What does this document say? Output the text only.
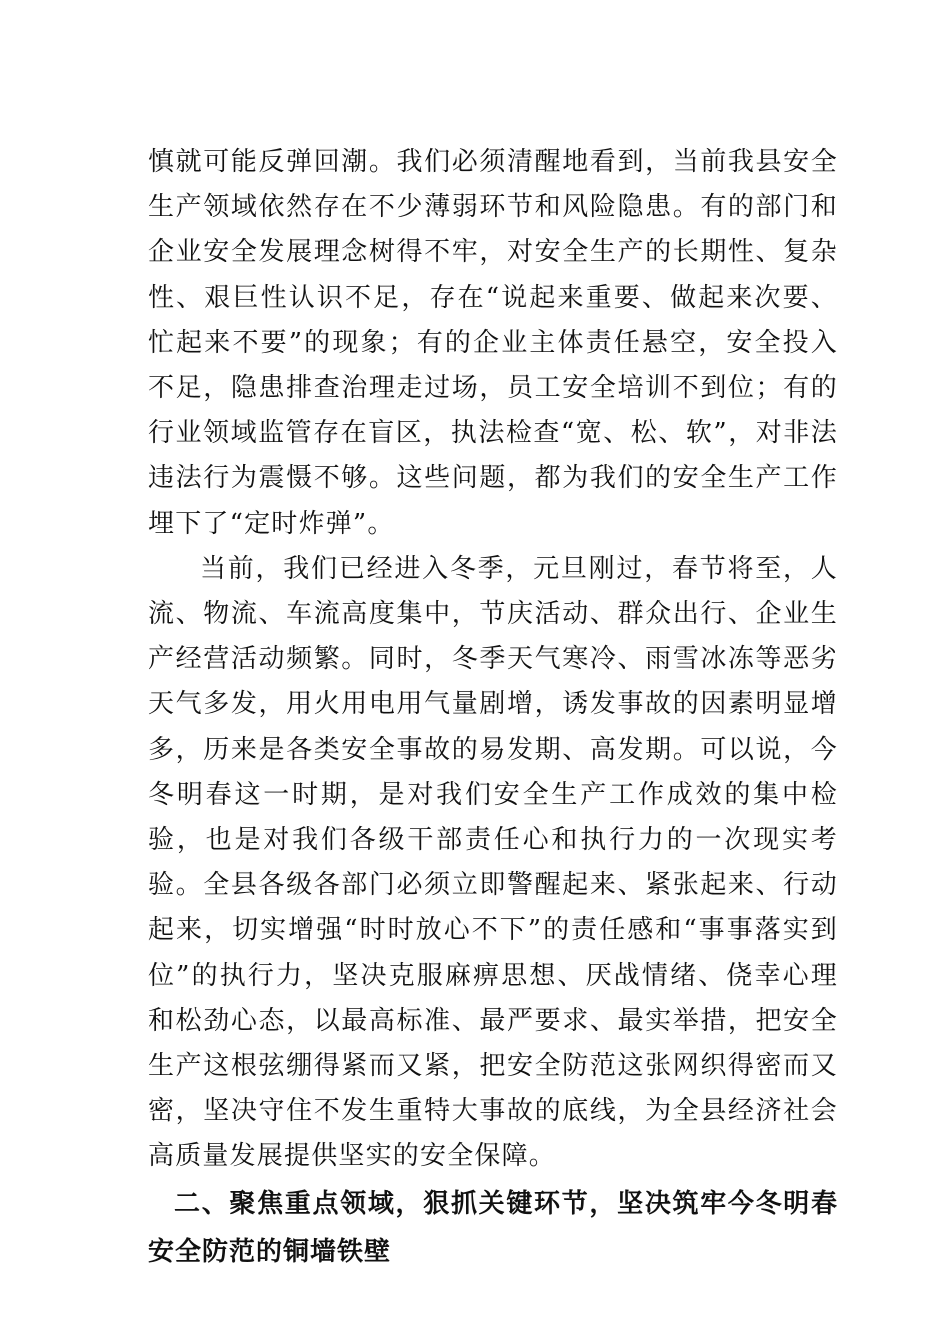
慎就可能反弹回潮。我们必须清醒地看到，当前我县安全生产领域依然存在不少薄弱环节和风险隐患。有的部门和企业安全发展理念树得不牢，对安全生产的长期性、复杂性、艰巨性认识不足，存在“说起来重要、做起来次要、忙起来不要”的现象；有的企业主体责任悬空，安全投入不足，隐患排查治理走过场，员工安全培训不到位；有的行业领域监管存在盲区，执法检查“宽、松、软”，对非法违法行为震慑不够。这些问题，都为我们的安全生产工作埋下了“定时炸弹”。

当前，我们已经进入冬季，元旦刚过，春节将至，人流、物流、车流高度集中，节庆活动、群众出行、企业生产经营活动频繁。同时，冬季天气寒冷、雨雪冰冻等恶劣天气多发，用火用电用气量剧增，诱发事故的因素明显增多，历来是各类安全事故的易发期、高发期。可以说，今冬明春这一时期，是对我们安全生产工作成效的集中检验，也是对我们各级干部责任心和执行力的一次现实考验。全县各级各部门必须立即警醒起来、紧张起来、行动起来，切实增强“时时放心不下”的责任感和“事事落实到位”的执行力，坚决克服麻痹思想、厌战情绪、侥幸心理和松劲心态，以最高标准、最严要求、最实举措，把安全生产这根弦绷得紧而又紧，把安全防范这张网织得密而又密，坚决守住不发生重特大事故的底线，为全县经济社会高质量发展提供坚实的安全保障。

二、聚焦重点领域，狠抓关键环节，坚决筑牢今冬明春安全防范的铜墙铁壁
